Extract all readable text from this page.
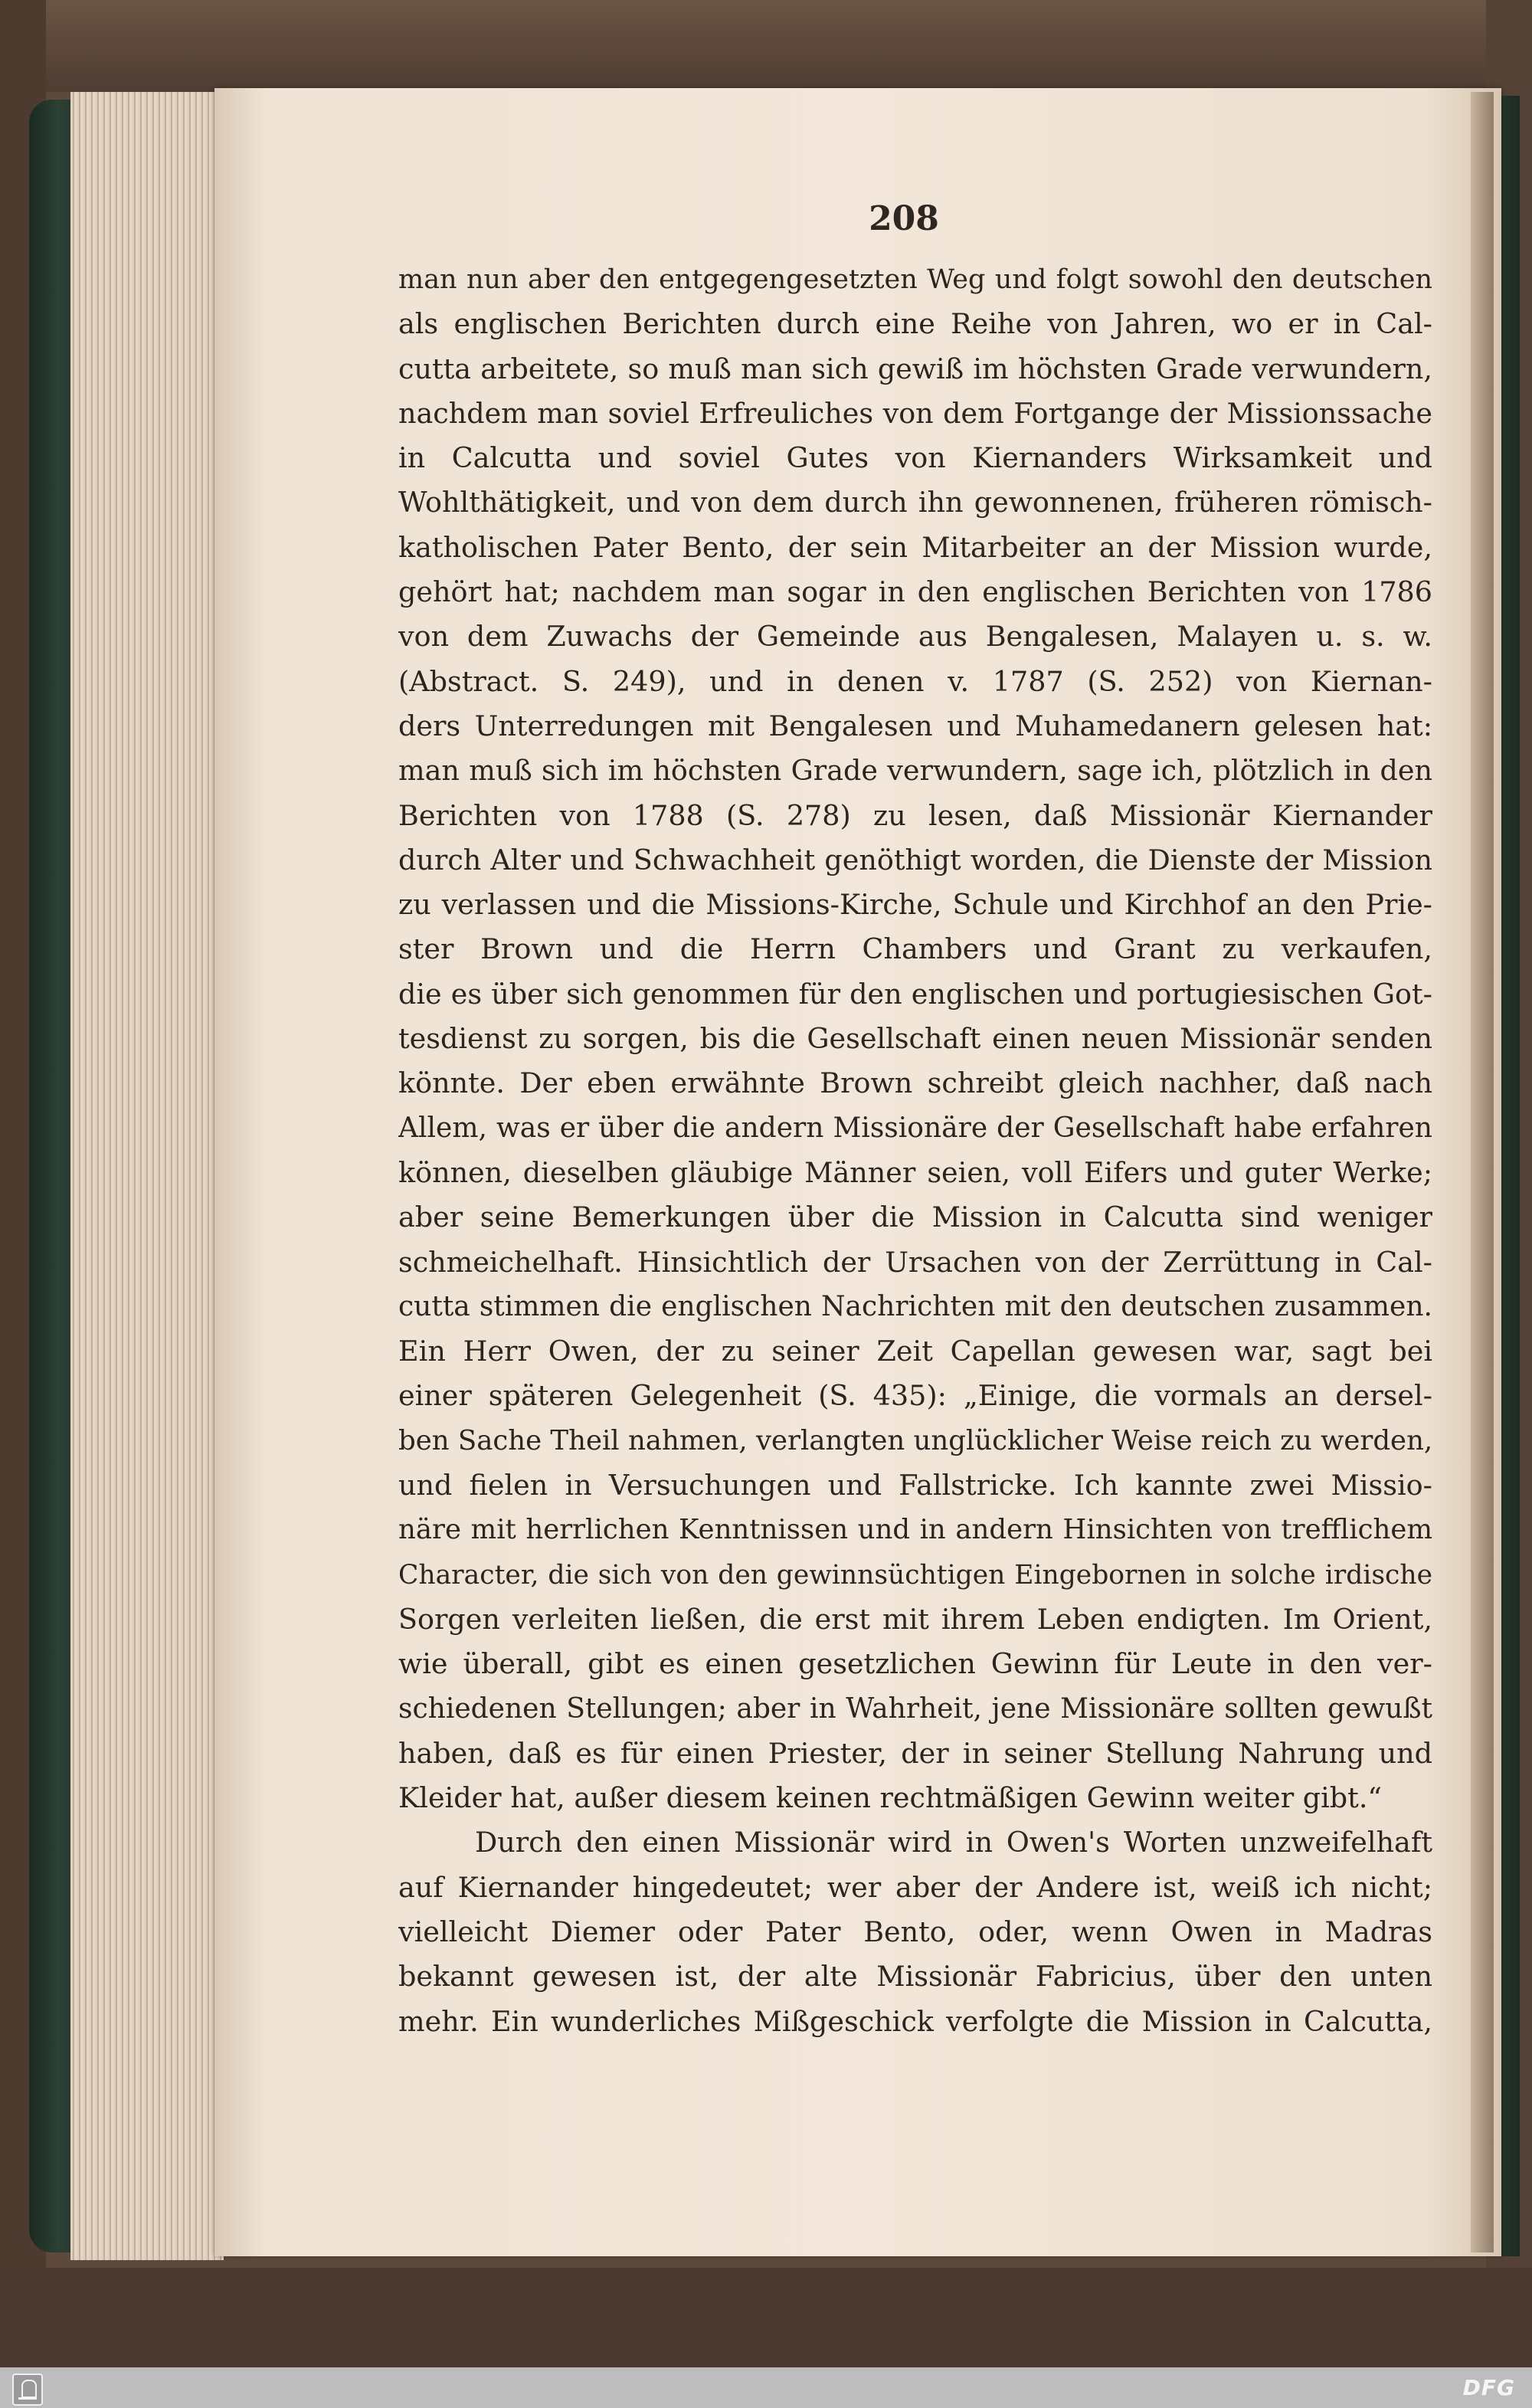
208
man nun aber den entgegengesetzten Weg und folgt sowohl den deutschen
als englischen Berichten durch eine Reihe von Jahren, wo er in Cal-
cutta arbeitete, so muß man sich gewiß im höchsten Grade verwundern,
nachdem man soviel Erfreuliches von dem Fortgange der Missionssache
in Calcutta und soviel Gutes von Kiernanders Wirksamkeit und
Wohlthätigkeit, und von dem durch ihn gewonnenen, früheren römisch-
katholischen Pater Bento, der sein Mitarbeiter an der Mission wurde,
gehört hat; nachdem man sogar in den englischen Berichten von 1786
von dem Zuwachs der Gemeinde aus Bengalesen, Malayen u. s. w.
(Abstract. S. 249), und in denen v. 1787 (S. 252) von Kiernan-
ders Unterredungen mit Bengalesen und Muhamedanern gelesen hat:
man muß sich im höchsten Grade verwundern, sage ich, plötzlich in den
Berichten von 1788 (S. 278) zu lesen, daß Missionär Kiernander
durch Alter und Schwachheit genöthigt worden, die Dienste der Mission
zu verlassen und die Missions-Kirche, Schule und Kirchhof an den Prie-
ster Brown und die Herrn Chambers und Grant zu verkaufen,
die es über sich genommen für den englischen und portugiesischen Got-
tesdienst zu sorgen, bis die Gesellschaft einen neuen Missionär senden
könnte. Der eben erwähnte Brown schreibt gleich nachher, daß nach
Allem, was er über die andern Missionäre der Gesellschaft habe erfahren
können, dieselben gläubige Männer seien, voll Eifers und guter Werke;
aber seine Bemerkungen über die Mission in Calcutta sind weniger
schmeichelhaft. Hinsichtlich der Ursachen von der Zerrüttung in Cal-
cutta stimmen die englischen Nachrichten mit den deutschen zusammen.
Ein Herr Owen, der zu seiner Zeit Capellan gewesen war, sagt bei
einer späteren Gelegenheit (S. 435): „Einige, die vormals an dersel-
ben Sache Theil nahmen, verlangten unglücklicher Weise reich zu werden,
und fielen in Versuchungen und Fallstricke. Ich kannte zwei Missio-
näre mit herrlichen Kenntnissen und in andern Hinsichten von trefflichem
Character, die sich von den gewinnsüchtigen Eingebornen in solche irdische
Sorgen verleiten ließen, die erst mit ihrem Leben endigten. Im Orient,
wie überall, gibt es einen gesetzlichen Gewinn für Leute in den ver-
schiedenen Stellungen; aber in Wahrheit, jene Missionäre sollten gewußt
haben, daß es für einen Priester, der in seiner Stellung Nahrung und
Kleider hat, außer diesem keinen rechtmäßigen Gewinn weiter gibt.“
Durch den einen Missionär wird in Owen's Worten unzweifelhaft
auf Kiernander hingedeutet; wer aber der Andere ist, weiß ich nicht;
vielleicht Diemer oder Pater Bento, oder, wenn Owen in Madras
bekannt gewesen ist, der alte Missionär Fabricius, über den unten
mehr. Ein wunderliches Mißgeschick verfolgte die Mission in Calcutta,
DFG
